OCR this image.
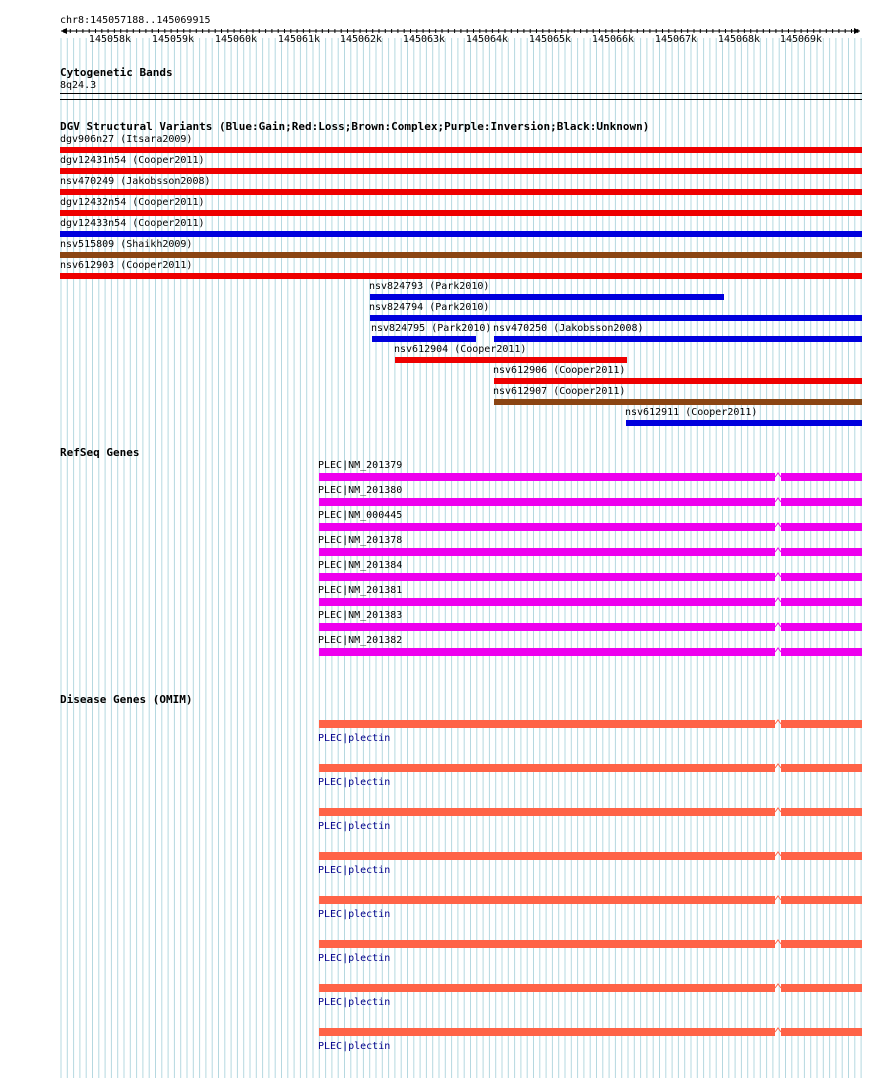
chr8:145057188..145069915
145058k 145059k 145060k 145061k 145062k 145063k 145064k 145065k 145066k 145067k 145068k 145069k
Cytogenetic Bands
8q24.3
DGV Structural Variants (Blue:Gain;Red:Loss;Brown:Complex;Purple:Inversion;Black:Unknown)
dgv906n27 (Itsara2009)
dgv12431n54 (Cooper2011)
nsv470249 (Jakobsson2008)
dgv12432n54 (Cooper2011)
dgv12433n54 (Cooper2011)
nsv515809 (Shaikh2009)
nsv612903 (Cooper2011)
nsv824793 (Park2010)
nsv824794 (Park2010)
nsv824795 (Park2010) nsv470250 (Jakobsson2008)
nsv612904 (Cooper2011)
nsv612906 (Cooper2011)
nsv612907 (Cooper2011)
nsv612911 (Cooper2011)
RefSeq Genes
PLEC|NM_201379
PLEC|NM_201380
PLEC|NM_000445
PLEC|NM_201378
PLEC|NM_201384
PLEC|NM_201381
PLEC|NM_201383
PLEC|NM_201382
Disease Genes (OMIM)
PLEC|plectin
PLEC|plectin
PLEC|plectin
PLEC|plectin
PLEC|plectin
PLEC|plectin
PLEC|plectin
PLEC|plectin
